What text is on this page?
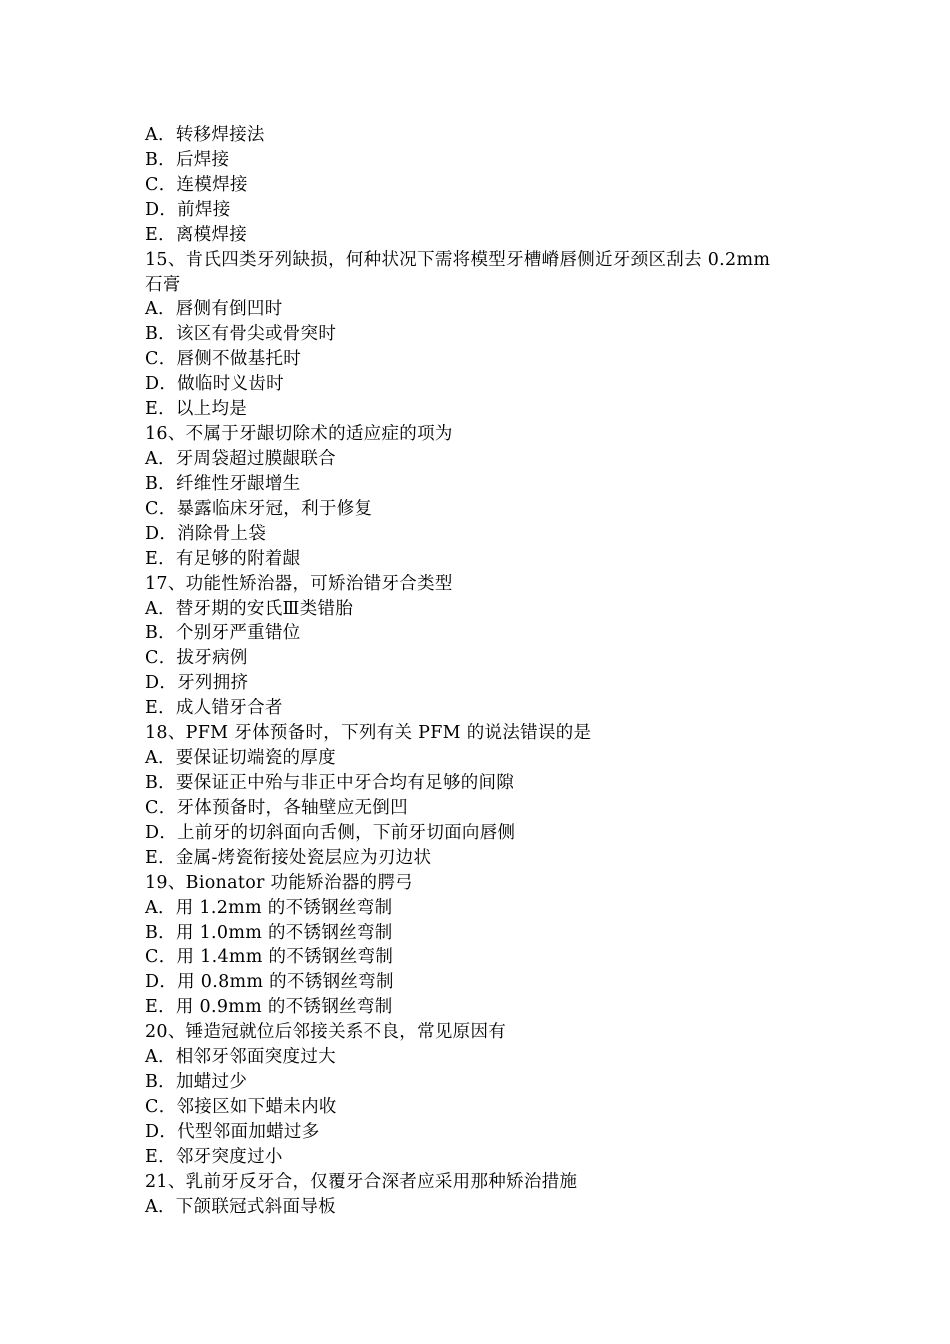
A．转移焊接法
B．后焊接
C．连模焊接
D．前焊接
E．离模焊接
15、肯氏四类牙列缺损，何种状况下需将模型牙槽嵴唇侧近牙颈区刮去 0.2mm
石膏
A．唇侧有倒凹时
B．该区有骨尖或骨突时
C．唇侧不做基托时
D．做临时义齿时
E．以上均是
16、不属于牙龈切除术的适应症的项为
A．牙周袋超过膜龈联合
B．纤维性牙龈增生
C．暴露临床牙冠，利于修复
D．消除骨上袋
E．有足够的附着龈
17、功能性矫治器，可矫治错牙合类型
A．替牙期的安氏Ⅲ类错胎
B．个别牙严重错位
C．拔牙病例
D．牙列拥挤
E．成人错牙合者
18、PFM 牙体预备时，下列有关 PFM 的说法错误的是
A．要保证切端瓷的厚度
B．要保证正中殆与非正中牙合均有足够的间隙
C．牙体预备时，各轴壁应无倒凹
D．上前牙的切斜面向舌侧，下前牙切面向唇侧
E．金属-烤瓷衔接处瓷层应为刃边状
19、Bionator 功能矫治器的腭弓
A．用 1.2mm 的不锈钢丝弯制
B．用 1.0mm 的不锈钢丝弯制
C．用 1.4mm 的不锈钢丝弯制
D．用 0.8mm 的不锈钢丝弯制
E．用 0.9mm 的不锈钢丝弯制
20、锤造冠就位后邻接关系不良，常见原因有
A．相邻牙邻面突度过大
B．加蜡过少
C．邻接区如下蜡未内收
D．代型邻面加蜡过多
E．邻牙突度过小
21、乳前牙反牙合，仅覆牙合深者应采用那种矫治措施
A．下颌联冠式斜面导板
